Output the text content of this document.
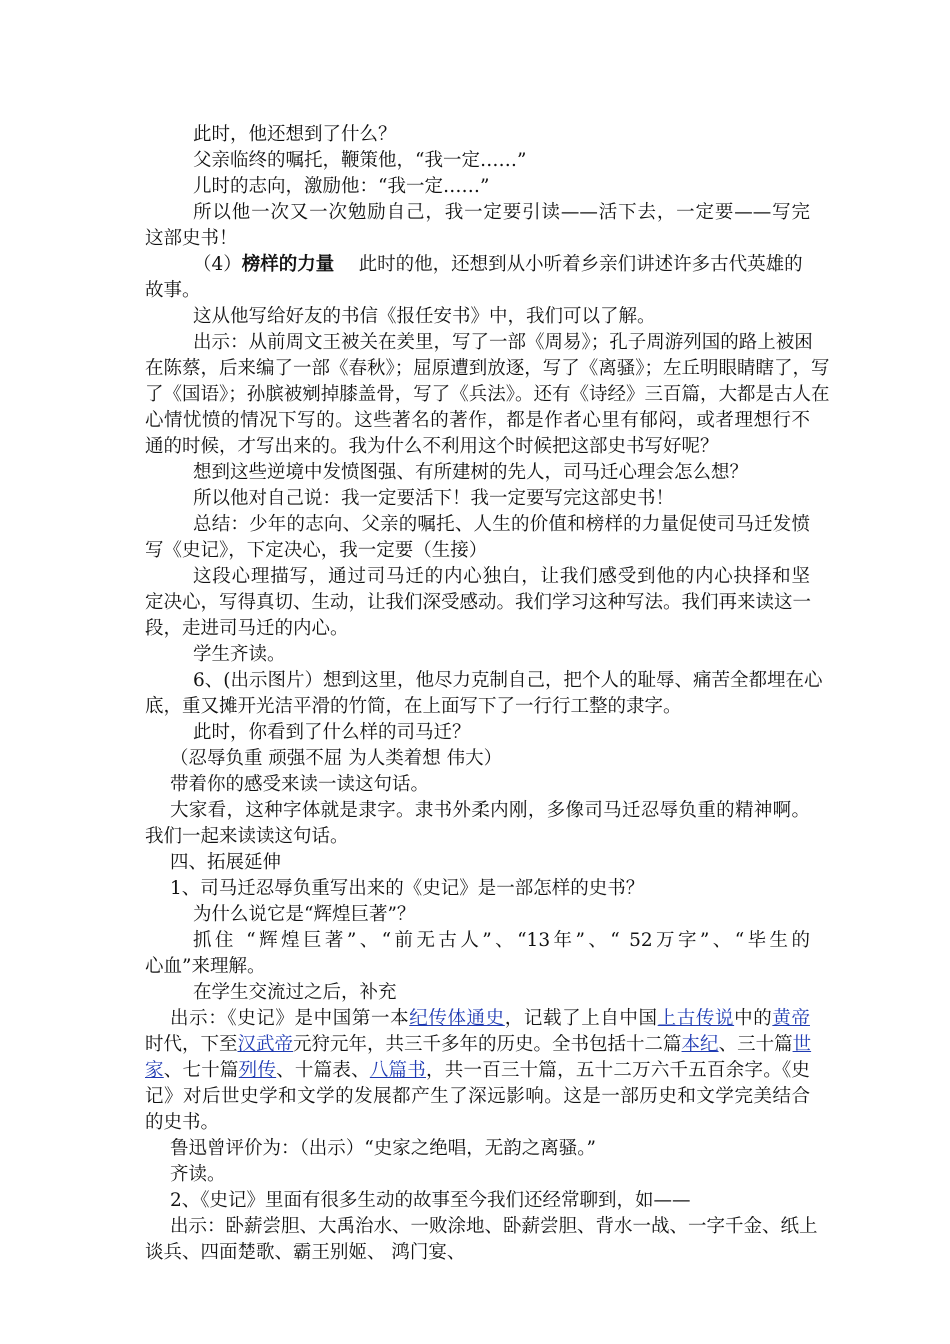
此时，他还想到了什么？
父亲临终的嘱托，鞭策他，“我一定……”
儿时的志向，激励他：“我一定……”
所以他一次又一次勉励自己，我一定要引读——活下去，一定要——写完
这部史书！
（4）榜样的力量　 此时的他，还想到从小听着乡亲们讲述许多古代英雄的
故事。
这从他写给好友的书信《报任安书》中，我们可以了解。
出示：从前周文王被关在羑里，写了一部《周易》；孔子周游列国的路上被困
在陈蔡，后来编了一部《春秋》；屈原遭到放逐，写了《离骚》；左丘明眼睛瞎了，写
了《国语》；孙膑被剜掉膝盖骨，写了《兵法》。还有《诗经》三百篇，大都是古人在
心情忧愤的情况下写的。这些著名的著作，都是作者心里有郁闷，或者理想行不
通的时候，才写出来的。我为什么不利用这个时候把这部史书写好呢？
想到这些逆境中发愤图强、有所建树的先人，司马迁心理会怎么想？
所以他对自己说：我一定要活下！我一定要写完这部史书！
总结：少年的志向、父亲的嘱托、人生的价值和榜样的力量促使司马迁发愤
写《史记》，下定决心，我一定要（生接）
这段心理描写，通过司马迁的内心独白，让我们感受到他的内心抉择和坚
定决心，写得真切、生动，让我们深受感动。我们学习这种写法。我们再来读这一
段，走进司马迁的内心。
学生齐读。
6、(出示图片）想到这里，他尽力克制自己，把个人的耻辱、痛苦全都埋在心
底，重又摊开光洁平滑的竹简，在上面写下了一行行工整的隶字。
此时，你看到了什么样的司马迁？
（忍辱负重 顽强不屈 为人类着想 伟大）
带着你的感受来读一读这句话。
大家看，这种字体就是隶字。隶书外柔内刚，多像司马迁忍辱负重的精神啊。
我们一起来读读这句话。
四、拓展延伸
1、司马迁忍辱负重写出来的《史记》是一部怎样的史书？
为什么说它是“辉煌巨著”？
抓住 “辉煌巨著”、“前无古人”、“13年”、“ 52万字”、“毕生的
心血”来理解。
在学生交流过之后，补充
出示：《史记》是中国第一本纪传体通史，记载了上自中国上古传说中的黄帝
时代，下至汉武帝元狩元年，共三千多年的历史。全书包括十二篇本纪、三十篇世
家、七十篇列传、十篇表、八篇书，共一百三十篇，五十二万六千五百余字。《史
记》对后世史学和文学的发展都产生了深远影响。这是一部历史和文学完美结合
的史书。
鲁迅曾评价为：（出示）“史家之绝唱，无韵之离骚。”
齐读。
2、《史记》里面有很多生动的故事至今我们还经常聊到，如——
出示：卧薪尝胆、大禹治水、一败涂地、卧薪尝胆、背水一战、一字千金、纸上
谈兵、四面楚歌、霸王别姬、 鸿门宴、
